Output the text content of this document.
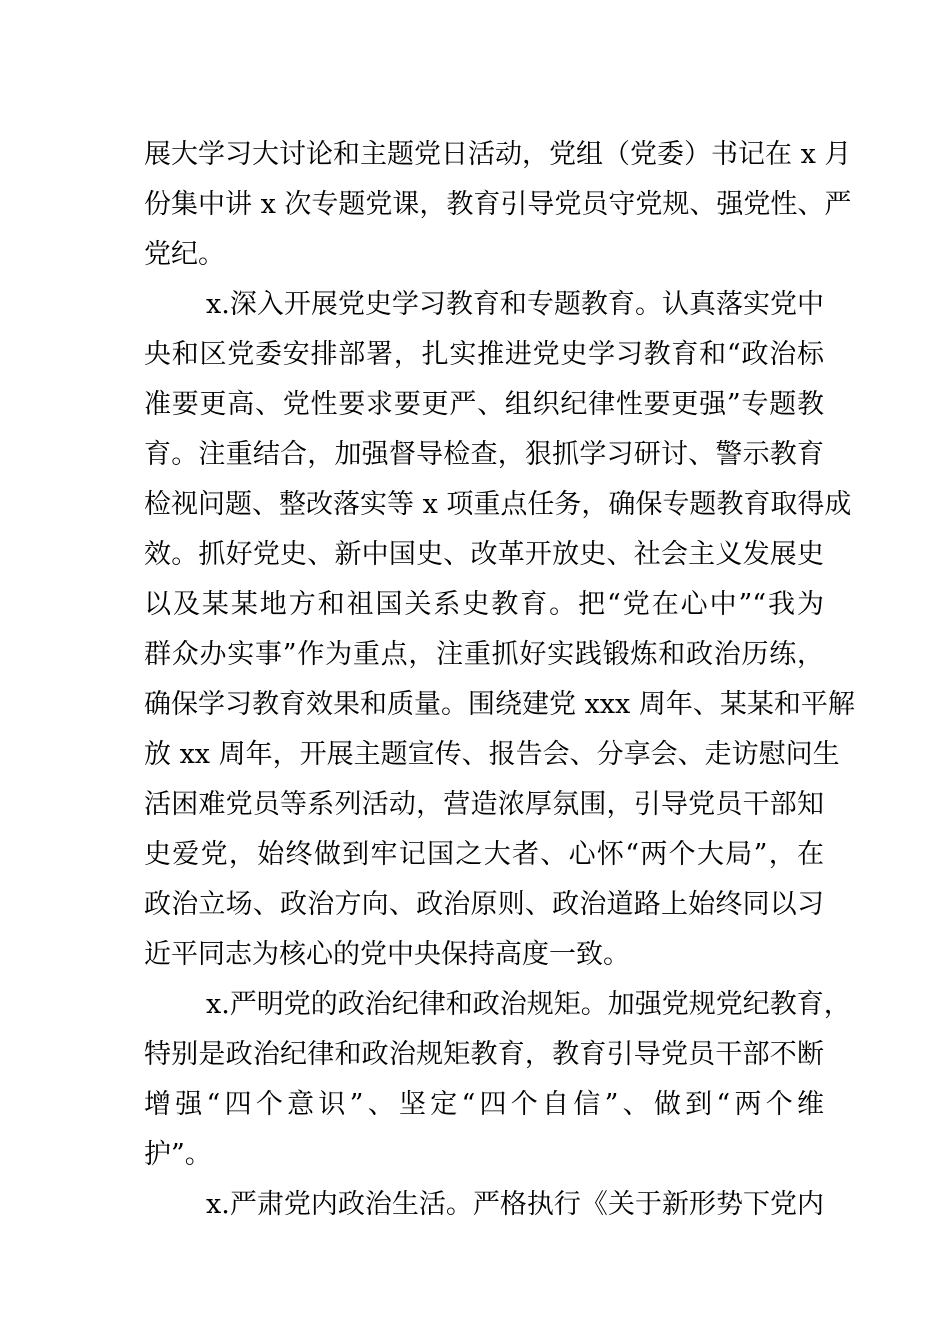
展大学习大讨论和主题党日活动，党组（党委）书记在 x 月
份集中讲 x 次专题党课，教育引导党员守党规、强党性、严
党纪。
x.深入开展党史学习教育和专题教育。认真落实党中
央和区党委安排部署，扎实推进党史学习教育和“政治标
准要更高、党性要求要更严、组织纪律性要更强”专题教
育。注重结合，加强督导检查，狠抓学习研讨、警示教育
检视问题、整改落实等 x 项重点任务，确保专题教育取得成
效。抓好党史、新中国史、改革开放史、社会主义发展史
以及某某地方和祖国关系史教育。把“党在心中”“我为
群众办实事”作为重点，注重抓好实践锻炼和政治历练，
确保学习教育效果和质量。围绕建党 xxx 周年、某某和平解
放 xx 周年，开展主题宣传、报告会、分享会、走访慰问生
活困难党员等系列活动，营造浓厚氛围，引导党员干部知
史爱党，始终做到牢记国之大者、心怀“两个大局”，在
政治立场、政治方向、政治原则、政治道路上始终同以习
近平同志为核心的党中央保持高度一致。
x.严明党的政治纪律和政治规矩。加强党规党纪教育，
特别是政治纪律和政治规矩教育，教育引导党员干部不断
增强“四个意识”、坚定“四个自信”、做到“两个维
护”。
x.严肃党内政治生活。严格执行《关于新形势下党内
